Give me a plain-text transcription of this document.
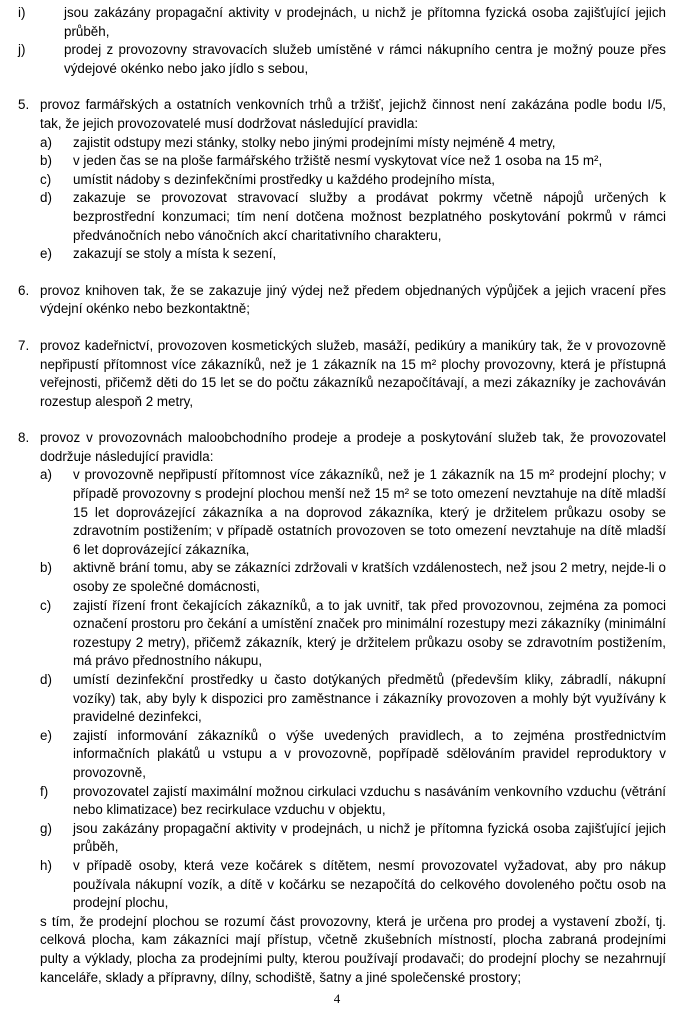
i)	jsou zakázány propagační aktivity v prodejnách, u nichž je přítomna fyzická osoba zajišťující jejich průběh,
j)	prodej z provozovny stravovacích služeb umístěné v rámci nákupního centra je možný pouze přes výdejové okénko nebo jako jídlo s sebou,
5. provoz farmářských a ostatních venkovních trhů a tržišť, jejichž činnost není zakázána podle bodu I/5, tak, že jejich provozovatelé musí dodržovat následující pravidla:
a)	zajistit odstupy mezi stánky, stolky nebo jinými prodejními místy nejméně 4 metry,
b)	v jeden čas se na ploše farmářského tržiště nesmí vyskytovat více než 1 osoba na 15 m²,
c)	umístit nádoby s dezinfekčními prostředky u každého prodejního místa,
d)	zakazuje se provozovat stravovací služby a prodávat pokrmy včetně nápojů určených k bezprostřední konzumaci; tím není dotčena možnost bezplatného poskytování pokrmů v rámci předvánočních nebo vánočních akcí charitativního charakteru,
e)	zakazují se stoly a místa k sezení,
6. provoz knihoven tak, že se zakazuje jiný výdej než předem objednaných výpůjček a jejich vracení přes výdejní okénko nebo bezkontaktně;
7. provoz kadeřnictví, provozoven kosmetických služeb, masáží, pedikúry a manikúry tak, že v provozovně nepřipustí přítomnost více zákazníků, než je 1 zákazník na 15 m² plochy provozovny, která je přístupná veřejnosti, přičemž děti do 15 let se do počtu zákazníků nezapočítávají, a mezi zákazníky je zachováván rozestup alespoň 2 metry,
8. provoz v provozovnách maloobchodního prodeje a prodeje a poskytování služeb tak, že provozovatel dodržuje následující pravidla:
a)	v provozovně nepřipustí přítomnost více zákazníků, než je 1 zákazník na 15 m² prodejní plochy; v případě provozovny s prodejní plochou menší než 15 m² se toto omezení nevztahuje na dítě mladší 15 let doprovázející zákazníka a na doprovod zákazníka, který je držitelem průkazu osoby se zdravotním postižením; v případě ostatních provozoven se toto omezení nevztahuje na dítě mladší 6 let doprovázející zákazníka,
b)	aktivně brání tomu, aby se zákazníci zdržovali v kratších vzdálenostech, než jsou 2 metry, nejde-li o osoby ze společné domácnosti,
c)	zajistí řízení front čekajících zákazníků, a to jak uvnitř, tak před provozovnou, zejména za pomoci označení prostoru pro čekání a umístění značek pro minimální rozestupy mezi zákazníky (minimální rozestupy 2 metry), přičemž zákazník, který je držitelem průkazu osoby se zdravotním postižením, má právo přednostního nákupu,
d)	umístí dezinfekční prostředky u často dotýkaných předmětů (především kliky, zábradlí, nákupní vozíky) tak, aby byly k dispozici pro zaměstnance i zákazníky provozoven a mohly být využívány k pravidelné dezinfekci,
e)	zajistí informování zákazníků o výše uvedených pravidlech, a to zejména prostřednictvím informačních plakátů u vstupu a v provozovně, popřípadě sdělováním pravidel reproduktory v provozovně,
f)	provozovatel zajistí maximální možnou cirkulaci vzduchu s nasáváním venkovního vzduchu (větrání nebo klimatizace) bez recirkulace vzduchu v objektu,
g)	jsou zakázány propagační aktivity v prodejnách, u nichž je přítomna fyzická osoba zajišťující jejich průběh,
h)	v případě osoby, která veze kočárek s dítětem, nesmí provozovatel vyžadovat, aby pro nákup používala nákupní vozík, a dítě v kočárku se nezapočítá do celkového dovoleného počtu osob na prodejní plochu,
s tím, že prodejní plochou se rozumí část provozovny, která je určena pro prodej a vystavení zboží, tj. celková plocha, kam zákazníci mají přístup, včetně zkušebních místností, plocha zabraná prodejními pulty a výklady, plocha za prodejními pulty, kterou používají prodavači; do prodejní plochy se nezahrnují kanceláře, sklady a přípravny, dílny, schodiště, šatny a jiné společenské prostory;
4
